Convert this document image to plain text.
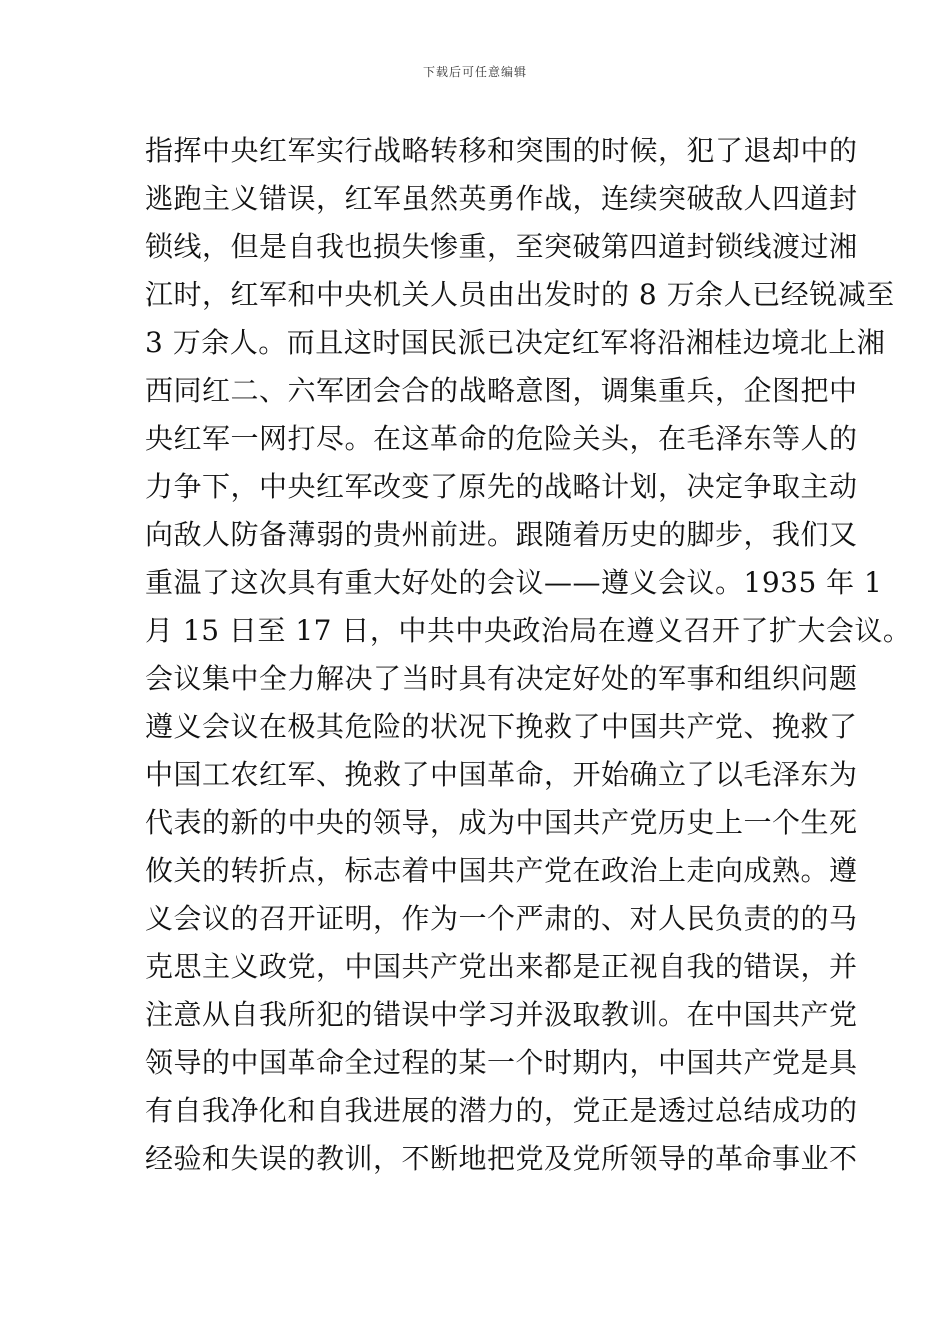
下载后可任意编辑
指挥中央红军实行战略转移和突围的时候，犯了退却中的
逃跑主义错误，红军虽然英勇作战，连续突破敌人四道封
锁线，但是自我也损失惨重，至突破第四道封锁线渡过湘
江时，红军和中央机关人员由出发时的 8 万余人已经锐减至
3 万余人。而且这时国民派已决定红军将沿湘桂边境北上湘
西同红二、六军团会合的战略意图，调集重兵，企图把中
央红军一网打尽。在这革命的危险关头，在毛泽东等人的
力争下，中央红军改变了原先的战略计划，决定争取主动
向敌人防备薄弱的贵州前进。跟随着历史的脚步，我们又
重温了这次具有重大好处的会议——遵义会议。1935 年 1
月 15 日至 17 日，中共中央政治局在遵义召开了扩大会议。
会议集中全力解决了当时具有决定好处的军事和组织问题
遵义会议在极其危险的状况下挽救了中国共产党、挽救了
中国工农红军、挽救了中国革命，开始确立了以毛泽东为
代表的新的中央的领导，成为中国共产党历史上一个生死
攸关的转折点，标志着中国共产党在政治上走向成熟。遵
义会议的召开证明，作为一个严肃的、对人民负责的的马
克思主义政党，中国共产党出来都是正视自我的错误，并
注意从自我所犯的错误中学习并汲取教训。在中国共产党
领导的中国革命全过程的某一个时期内，中国共产党是具
有自我净化和自我进展的潜力的，党正是透过总结成功的
经验和失误的教训，不断地把党及党所领导的革命事业不
